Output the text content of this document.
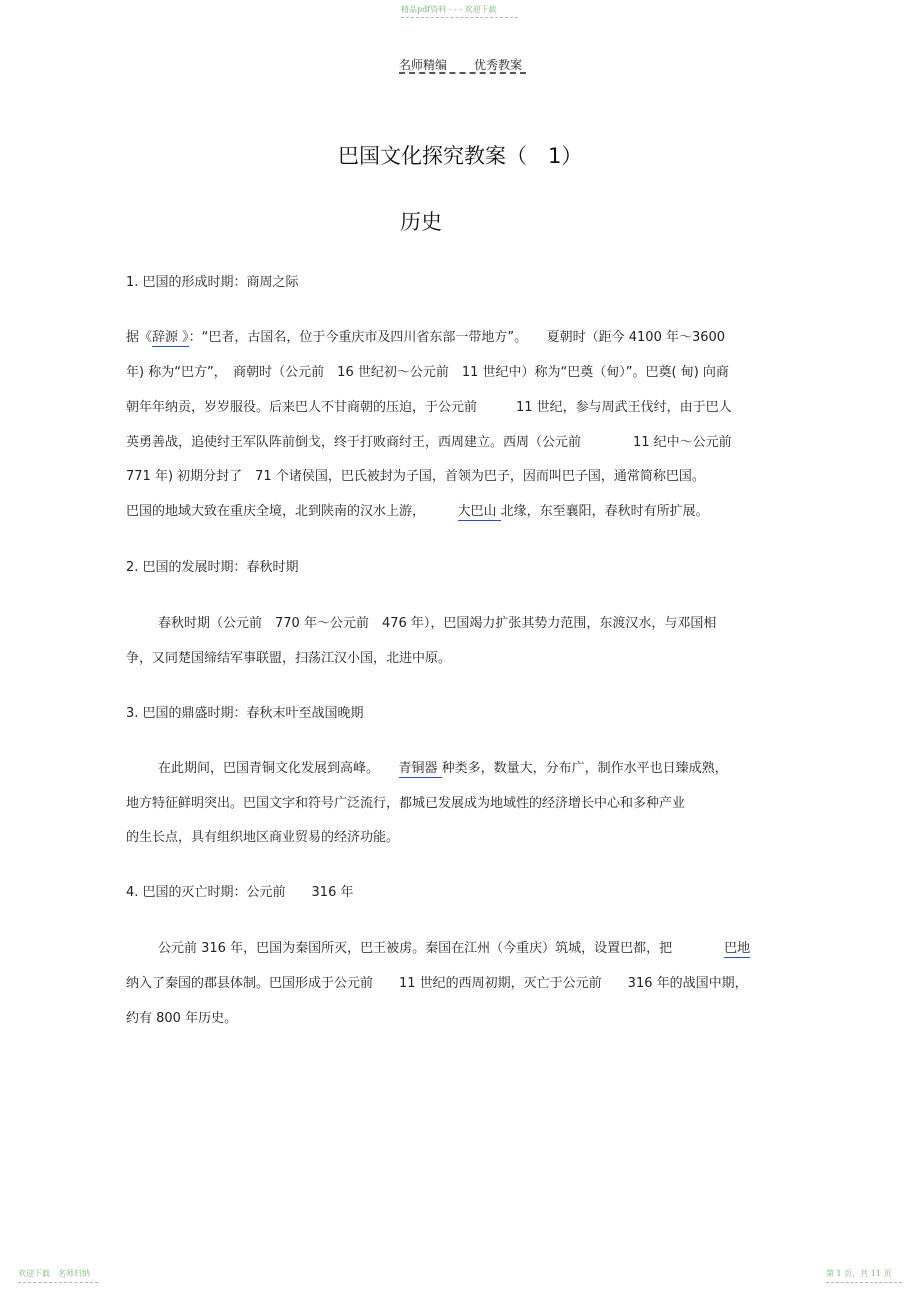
精品pdf资料 - - - 欢迎下载
名师精编 优秀教案
巴国文化探究教案（　1）
历史
1. 巴国的形成时期：商周之际
据《辞源 》：“巴者，古国名，位于今重庆市及四川省东部一带地方”。　　夏朝时（距今 4100 年～3600
年) 称为“巴方”，　商朝时（公元前　16 世纪初～公元前　11 世纪中）称为“巴奠（甸）”。巴奠( 甸) 向商
朝年年纳贡，岁岁服役。后来巴人不甘商朝的压迫，于公元前　　　11 世纪，参与周武王伐纣，由于巴人
英勇善战，追使纣王军队阵前倒戈，终于打败商纣王，西周建立。西周（公元前　　　　11 纪中～公元前
771 年) 初期分封了　71 个诸侯国，巴氏被封为子国，首领为巴子，因而叫巴子国，通常简称巴国。
巴国的地域大致在重庆全境，北到陕南的汉水上游，　　　大巴山 北缘，东至襄阳，春秋时有所扩展。
2. 巴国的发展时期：春秋时期
春秋时期（公元前　770 年～公元前　476 年），巴国竭力扩张其势力范围，东渡汉水，与邓国相
争，又同楚国缔结军事联盟，扫荡江汉小国，北进中原。
3. 巴国的鼎盛时期：春秋末叶至战国晚期
在此期间，巴国青铜文化发展到高峰。　　青铜器 种类多，数量大，分布广，制作水平也日臻成熟，
地方特征鲜明突出。巴国文字和符号广泛流行，都城已发展成为地域性的经济增长中心和多种产业
的生长点，具有组织地区商业贸易的经济功能。
4. 巴国的灭亡时期：公元前　　316 年
公元前 316 年，巴国为秦国所灭，巴王被虏。秦国在江州（今重庆）筑城，设置巴都，把　　　　巴地
纳入了秦国的郡县体制。巴国形成于公元前　　11 世纪的西周初期，灭亡于公元前　　316 年的战国中期，
约有 800 年历史。
欢迎下载　名师归纳	第 1 页，共 11 页
